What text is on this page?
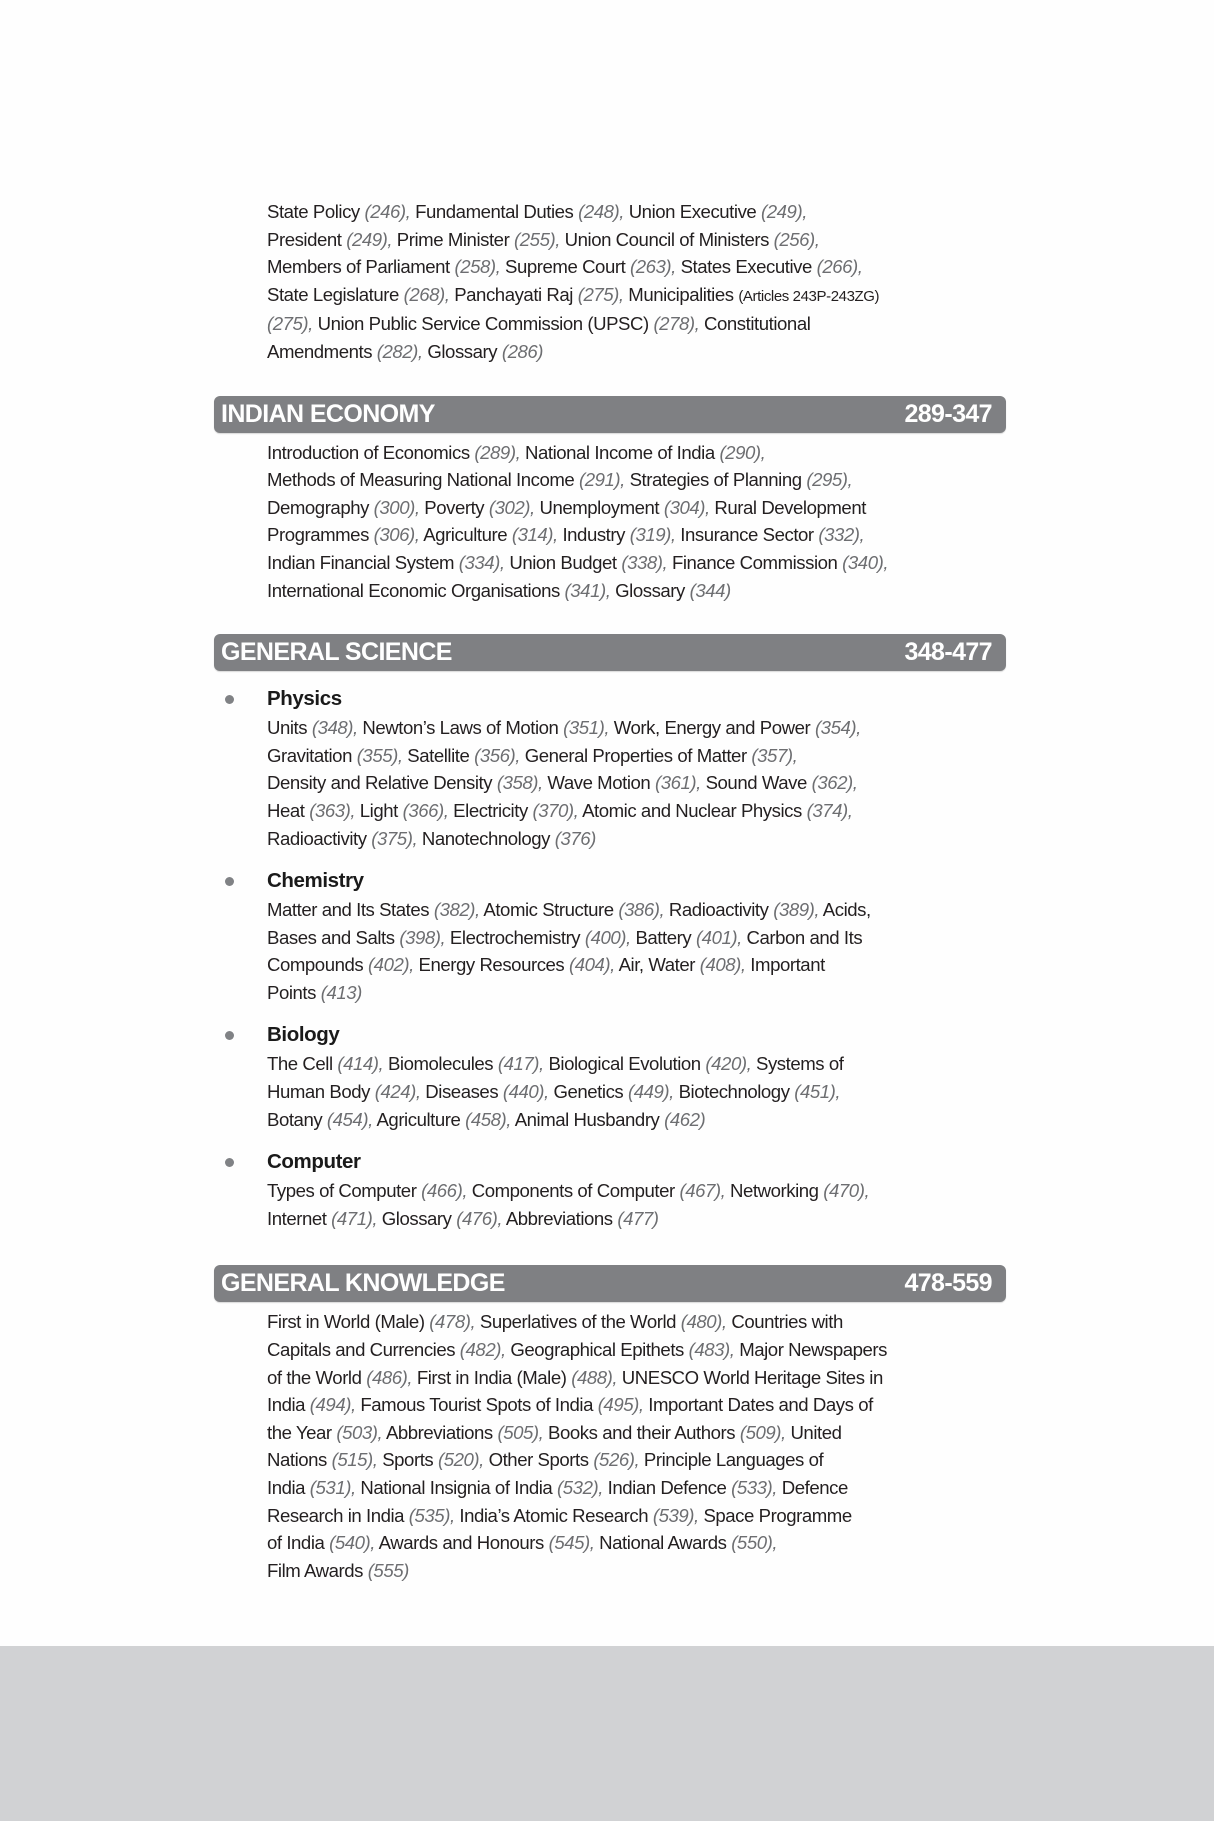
State Policy (246), Fundamental Duties (248), Union Executive (249),
President (249), Prime Minister (255), Union Council of Ministers (256),
Members of Parliament (258), Supreme Court (263), States Executive (266),
State Legislature (268), Panchayati Raj (275), Municipalities (Articles 243P-243ZG)
(275), Union Public Service Commission (UPSC) (278), Constitutional
Amendments (282), Glossary (286)
INDIAN ECONOMY	289-347
Introduction of Economics (289), National Income of India (290),
Methods of Measuring National Income (291), Strategies of Planning (295),
Demography (300), Poverty (302), Unemployment (304), Rural Development
Programmes (306), Agriculture (314), Industry (319), Insurance Sector (332),
Indian Financial System (334), Union Budget (338), Finance Commission (340),
International Economic Organisations (341), Glossary (344)
GENERAL SCIENCE	348-477
Physics
Units (348), Newton’s Laws of Motion (351), Work, Energy and Power (354),
Gravitation (355), Satellite (356), General Properties of Matter (357),
Density and Relative Density (358), Wave Motion (361), Sound Wave (362),
Heat (363), Light (366), Electricity (370), Atomic and Nuclear Physics (374),
Radioactivity (375), Nanotechnology (376)
Chemistry
Matter and Its States (382), Atomic Structure (386), Radioactivity (389), Acids,
Bases and Salts (398), Electrochemistry (400), Battery (401), Carbon and Its
Compounds (402), Energy Resources (404), Air, Water (408), Important
Points (413)
Biology
The Cell (414), Biomolecules (417), Biological Evolution (420), Systems of
Human Body (424), Diseases (440), Genetics (449), Biotechnology (451),
Botany (454), Agriculture (458), Animal Husbandry (462)
Computer
Types of Computer (466), Components of Computer (467), Networking (470),
Internet (471), Glossary (476), Abbreviations (477)
GENERAL KNOWLEDGE	478-559
First in World (Male) (478), Superlatives of the World (480), Countries with
Capitals and Currencies (482), Geographical Epithets (483), Major Newspapers
of the World (486), First in India (Male) (488), UNESCO World Heritage Sites in
India (494), Famous Tourist Spots of India (495), Important Dates and Days of
the Year (503), Abbreviations (505), Books and their Authors (509), United
Nations (515), Sports (520), Other Sports (526), Principle Languages of
India (531), National Insignia of India (532), Indian Defence (533), Defence
Research in India (535), India’s Atomic Research (539), Space Programme
of India (540), Awards and Honours (545), National Awards (550),
Film Awards (555)
